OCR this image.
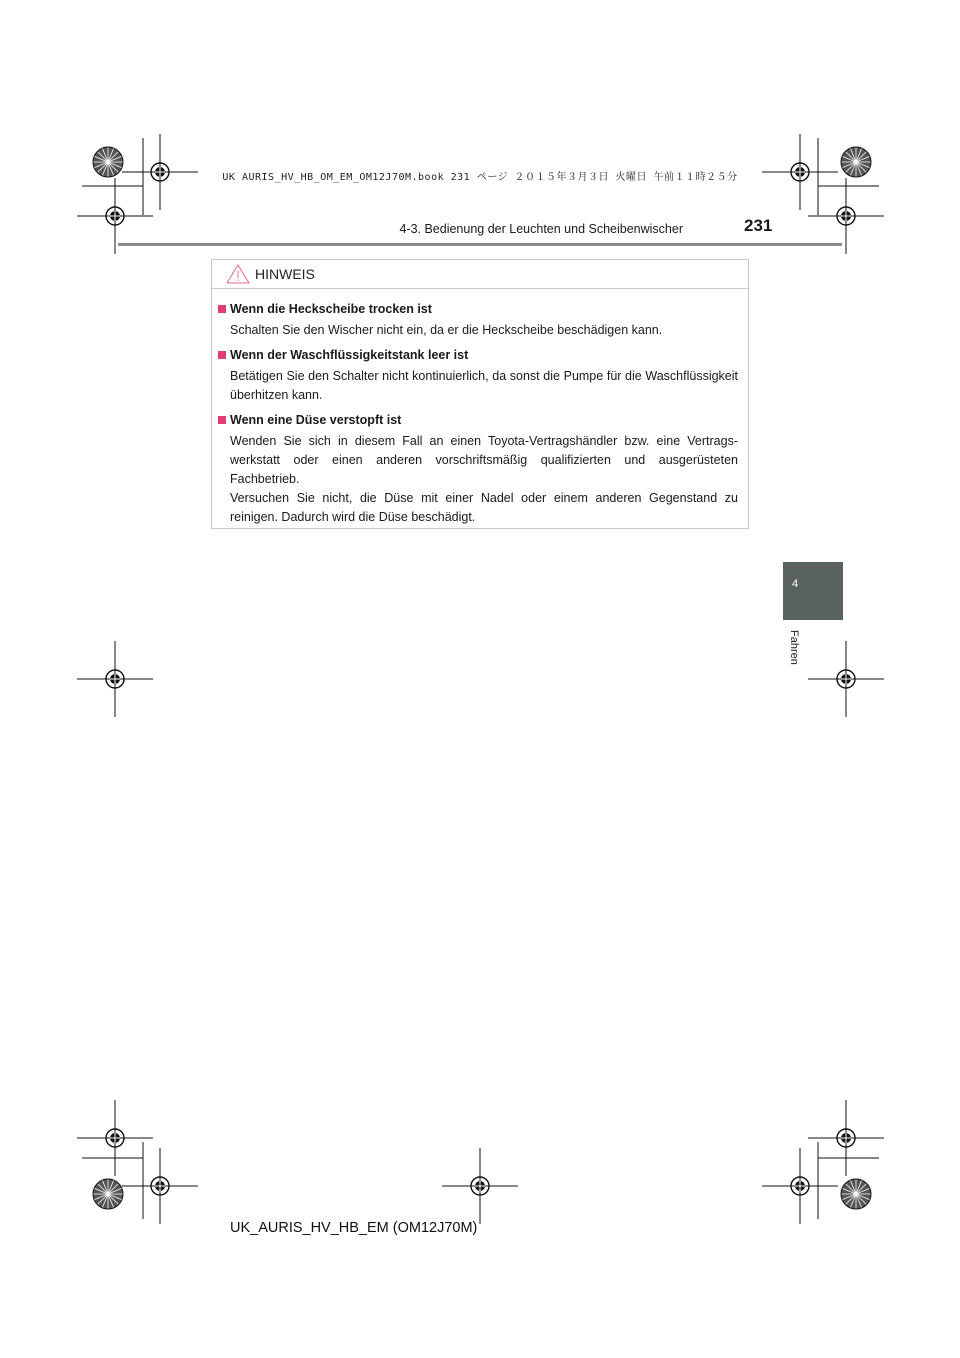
UK AURIS_HV_HB_OM_EM_OM12J70M.book 231 ページ ２０１５年３月３日 火曜日 午前１１時２５分
4-3. Bedienung der Leuchten und Scheibenwischer	231
HINWEIS
Wenn die Heckscheibe trocken ist

Schalten Sie den Wischer nicht ein, da er die Heckscheibe beschädigen kann.

Wenn der Waschflüssigkeitstank leer ist

Betätigen Sie den Schalter nicht kontinuierlich, da sonst die Pumpe für die Waschflüssigkeit überhitzen kann.

Wenn eine Düse verstopft ist

Wenden Sie sich in diesem Fall an einen Toyota-Vertragshändler bzw. eine Vertragswerkstatt oder einen anderen vorschriftsmäßig qualifizierten und ausgerüsteten Fachbetrieb.

Versuchen Sie nicht, die Düse mit einer Nadel oder einem anderen Gegenstand zu reinigen. Dadurch wird die Düse beschädigt.

4
Fahren
UK_AURIS_HV_HB_EM (OM12J70M)
